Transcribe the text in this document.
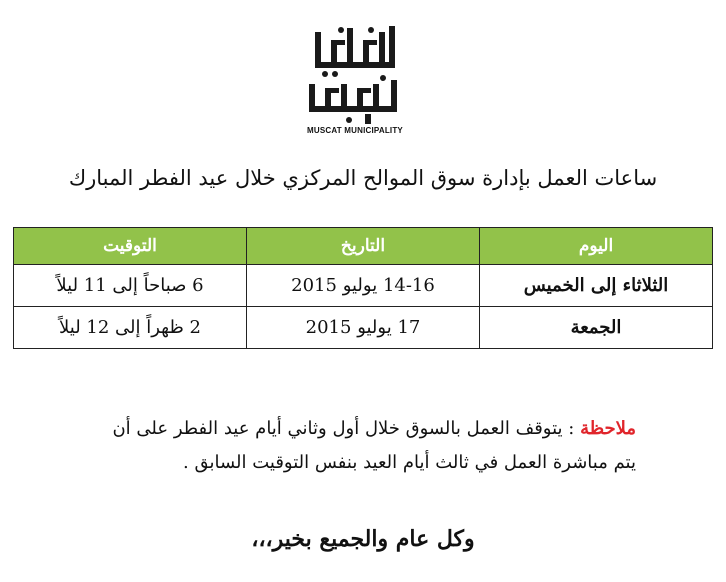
MUSCAT MUNICIPALITY
ساعات العمل بإدارة سوق الموالح المركزي خلال عيد الفطر المبارك
اليوم	التاريخ	التوقيت
الثلاثاء إلى الخميس	14-16 يوليو 2015	6 صباحاً إلى 11 ليلاً
الجمعة	17 يوليو 2015	2 ظهراً إلى 12 ليلاً
ملاحظة : يتوقف العمل بالسوق خلال أول وثاني أيام عيد الفطر على أن
يتم مباشرة العمل في ثالث أيام العيد بنفس التوقيت السابق .
وكل عام والجميع بخير،،،
